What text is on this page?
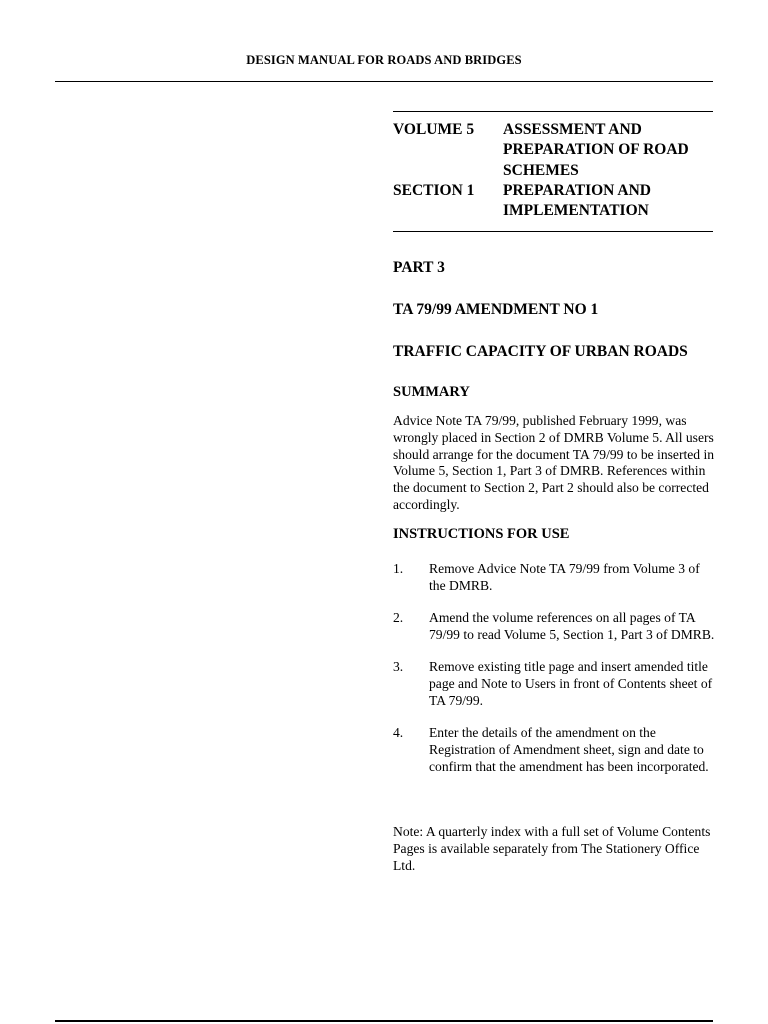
DESIGN MANUAL FOR ROADS AND BRIDGES
VOLUME 5	ASSESSMENT AND PREPARATION OF ROAD SCHEMES
SECTION 1	PREPARATION AND IMPLEMENTATION
PART 3
TA 79/99 AMENDMENT NO 1
TRAFFIC CAPACITY OF URBAN ROADS
SUMMARY
Advice Note TA 79/99, published February 1999, was wrongly placed in Section 2 of DMRB Volume 5. All users should arrange for the document TA 79/99 to be inserted in Volume 5, Section 1, Part 3 of DMRB. References within the document to Section 2, Part 2 should also be corrected accordingly.
INSTRUCTIONS FOR USE
1.	Remove Advice Note TA 79/99 from Volume 3 of the DMRB.
2.	Amend the volume references on all pages of TA 79/99 to read Volume 5, Section 1, Part 3 of DMRB.
3.	Remove existing title page and insert amended title page and Note to Users in front of Contents sheet of TA 79/99.
4.	Enter the details of the amendment on the Registration of Amendment sheet, sign and date to confirm that the amendment has been incorporated.
Note: A quarterly index with a full set of Volume Contents Pages is available separately from The Stationery Office Ltd.
